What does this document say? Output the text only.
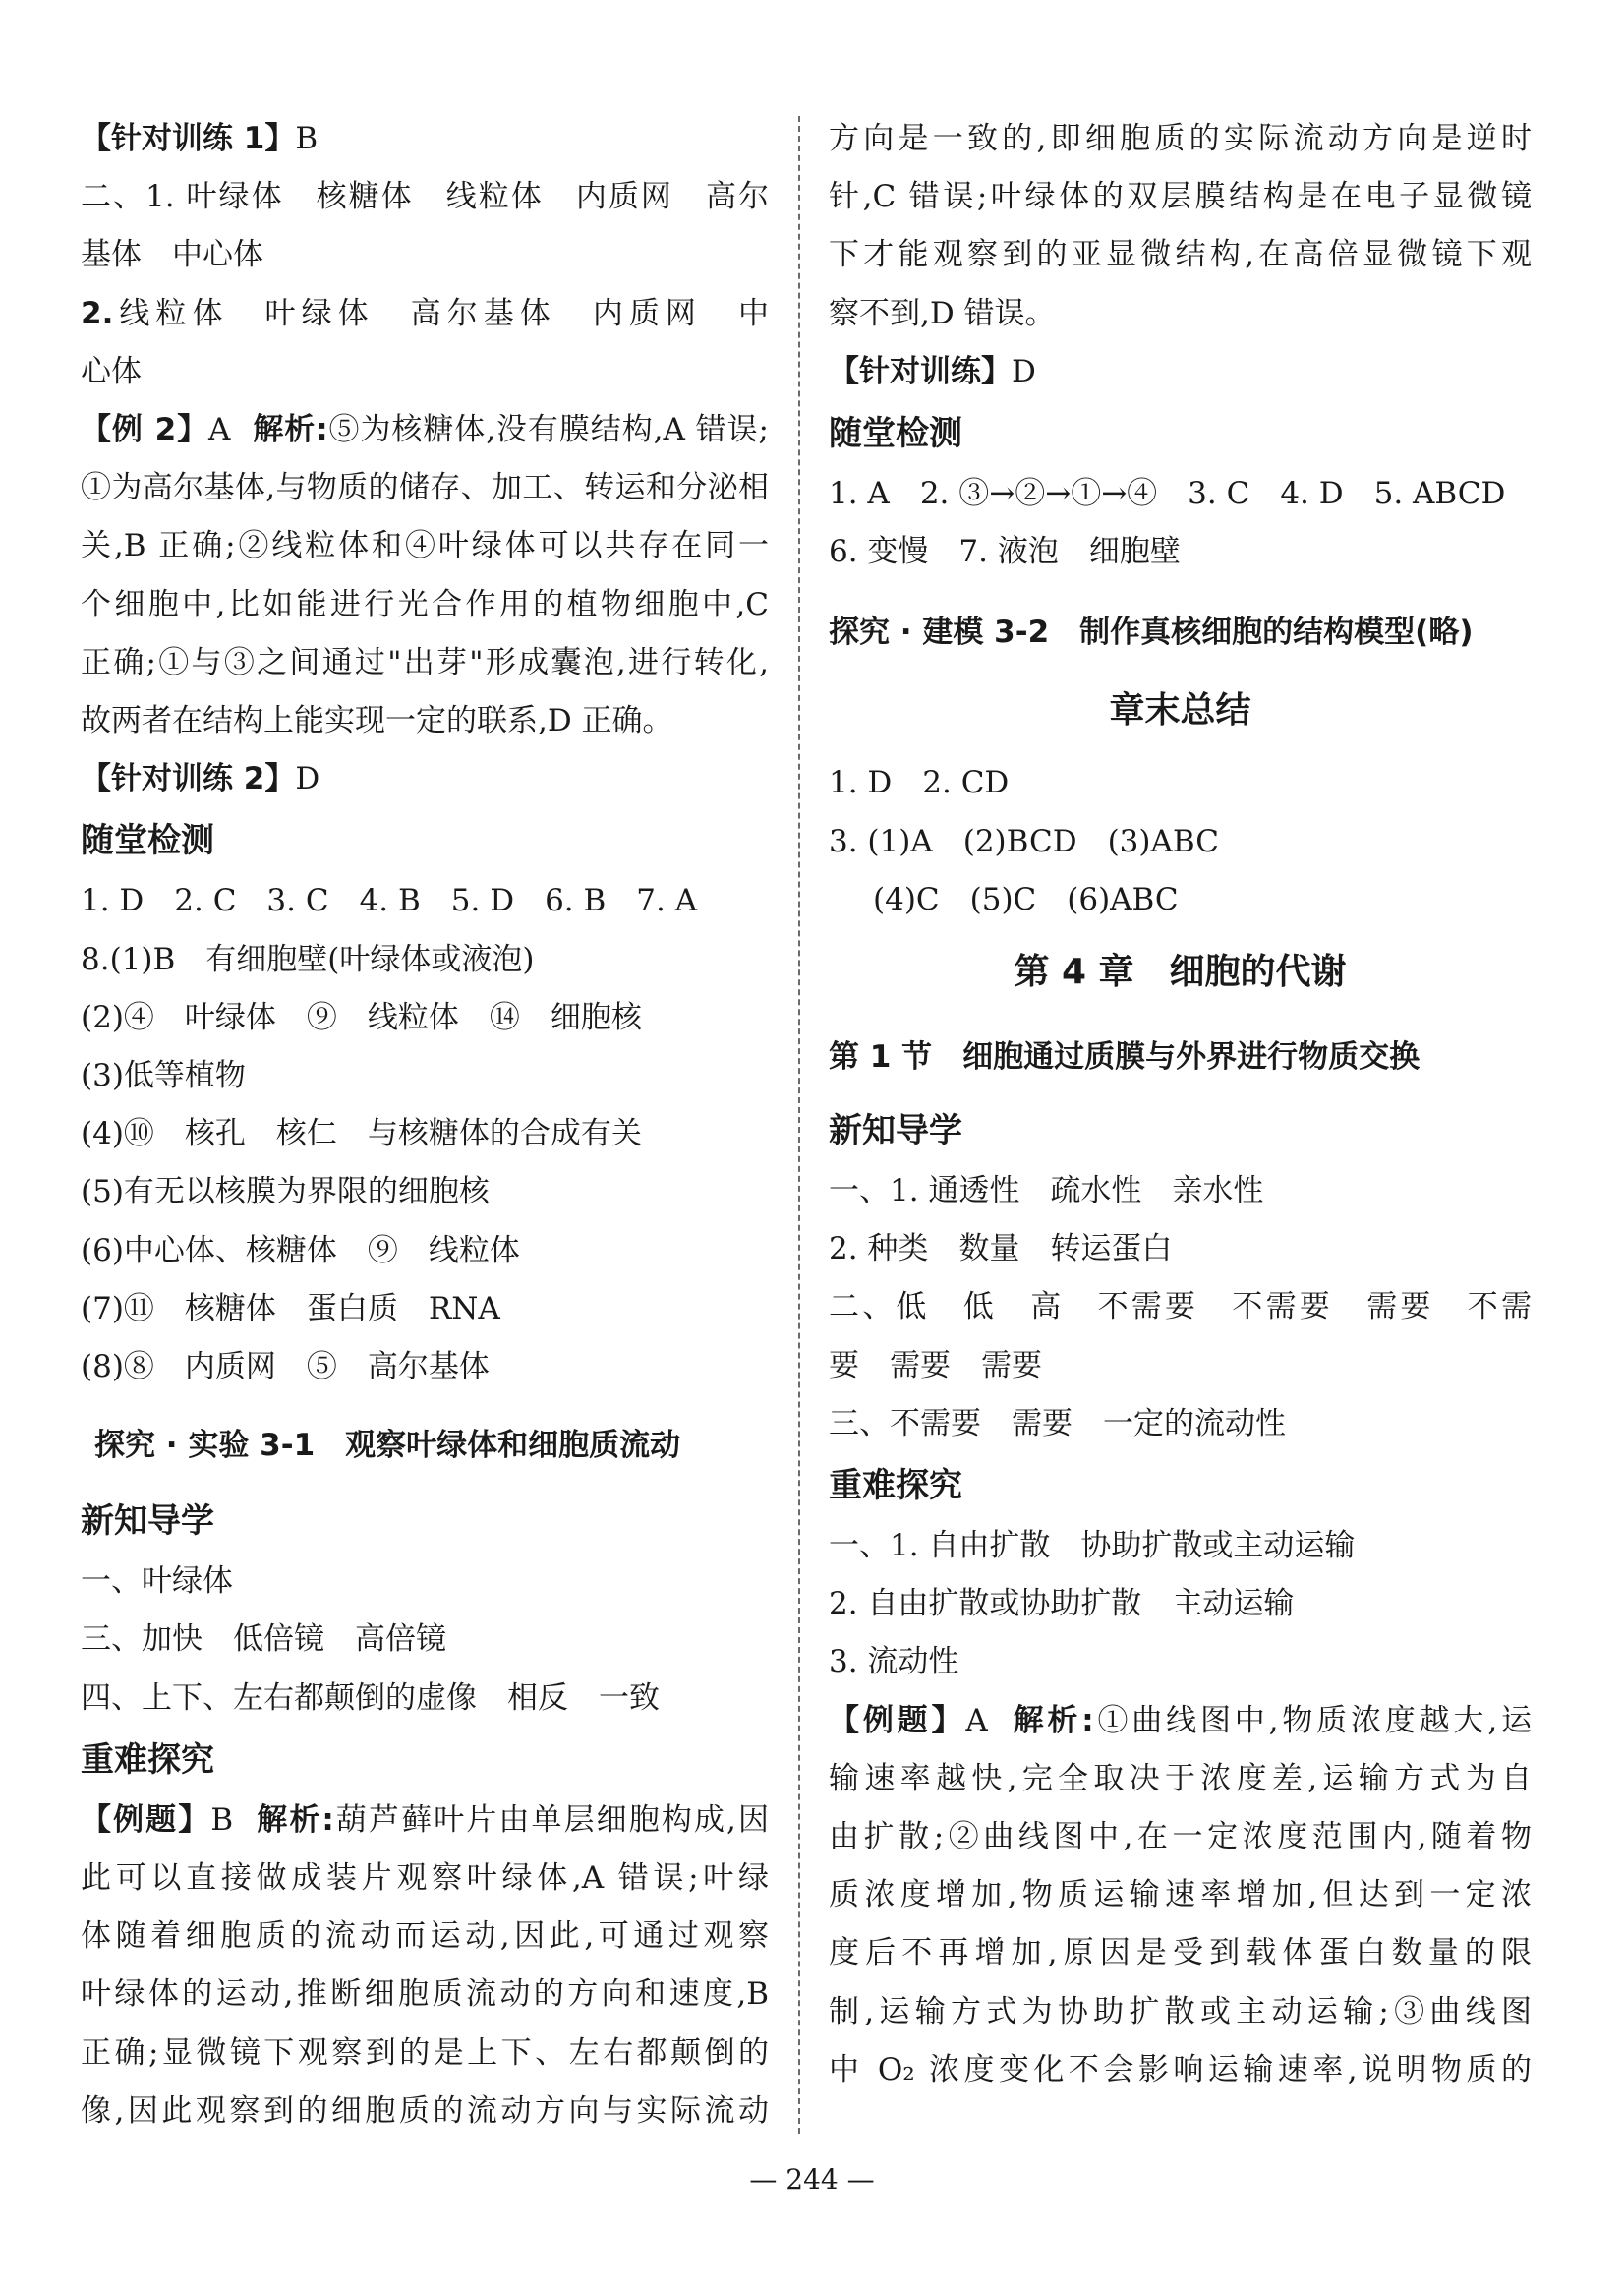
【针对训练 1】B
二、1. 叶绿体　核糖体　线粒体　内质网　高尔
基体　中心体
2.线粒体　叶绿体　高尔基体　内质网　中
心体
【例 2】A 解析:⑤为核糖体,没有膜结构,A 错误;
①为高尔基体,与物质的储存、加工、转运和分泌相
关,B 正确;②线粒体和④叶绿体可以共存在同一
个细胞中,比如能进行光合作用的植物细胞中,C
正确;①与③之间通过"出芽"形成囊泡,进行转化,
故两者在结构上能实现一定的联系,D 正确。
【针对训练 2】D
随堂检测
1. D　2. C　3. C　4. B　5. D　6. B　7. A
8.(1)B　有细胞壁(叶绿体或液泡)
(2)④　叶绿体　⑨　线粒体　⑭　细胞核
(3)低等植物
(4)⑩　核孔　核仁　与核糖体的合成有关
(5)有无以核膜为界限的细胞核
(6)中心体、核糖体　⑨　线粒体
(7)⑪　核糖体　蛋白质　RNA
(8)⑧　内质网　⑤　高尔基体
探究 · 实验 3-1　观察叶绿体和细胞质流动
新知导学
一、叶绿体
三、加快　低倍镜　高倍镜
四、上下、左右都颠倒的虚像　相反　一致
重难探究
【例题】B 解析:葫芦藓叶片由单层细胞构成,因
此可以直接做成装片观察叶绿体,A 错误;叶绿
体随着细胞质的流动而运动,因此,可通过观察
叶绿体的运动,推断细胞质流动的方向和速度,B
正确;显微镜下观察到的是上下、左右都颠倒的
像,因此观察到的细胞质的流动方向与实际流动
方向是一致的,即细胞质的实际流动方向是逆时
针,C 错误;叶绿体的双层膜结构是在电子显微镜
下才能观察到的亚显微结构,在高倍显微镜下观
察不到,D 错误。
【针对训练】D
随堂检测
1. A　2. ③→②→①→④　3. C　4. D　5. ABCD
6. 变慢　7. 液泡　细胞壁
探究 · 建模 3-2　制作真核细胞的结构模型(略)
章末总结
1. D　2. CD
3. (1)A　(2)BCD　(3)ABC
(4)C　(5)C　(6)ABC
第 4 章　细胞的代谢
第 1 节　细胞通过质膜与外界进行物质交换
新知导学
一、1. 通透性　疏水性　亲水性
2. 种类　数量　转运蛋白
二、低　低　高　不需要　不需要　需要　不需
要　需要　需要
三、不需要　需要　一定的流动性
重难探究
一、1. 自由扩散　协助扩散或主动运输
2. 自由扩散或协助扩散　主动运输
3. 流动性
【例题】A 解析:①曲线图中,物质浓度越大,运
输速率越快,完全取决于浓度差,运输方式为自
由扩散;②曲线图中,在一定浓度范围内,随着物
质浓度增加,物质运输速率增加,但达到一定浓
度后不再增加,原因是受到载体蛋白数量的限
制,运输方式为协助扩散或主动运输;③曲线图
中 O₂ 浓度变化不会影响运输速率,说明物质的
— 244 —
